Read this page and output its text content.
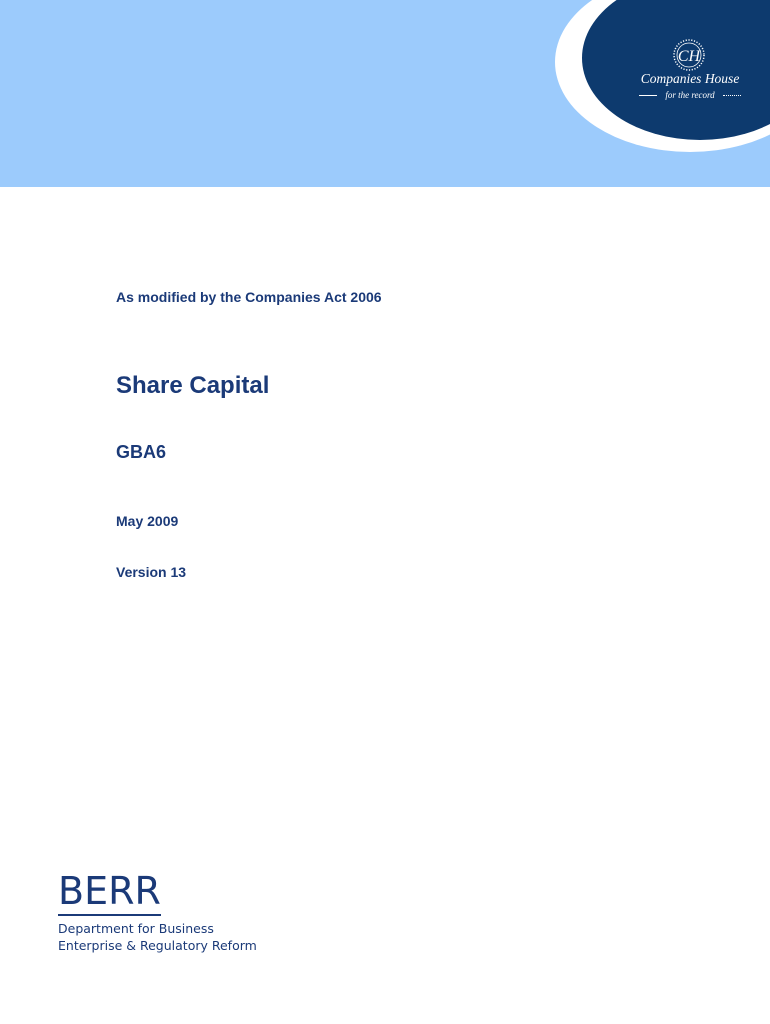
CH
Companies House
for the record
As modified by the Companies Act 2006
Share Capital
GBA6
May 2009
Version 13
BERR
Department for Business
Enterprise & Regulatory Reform
